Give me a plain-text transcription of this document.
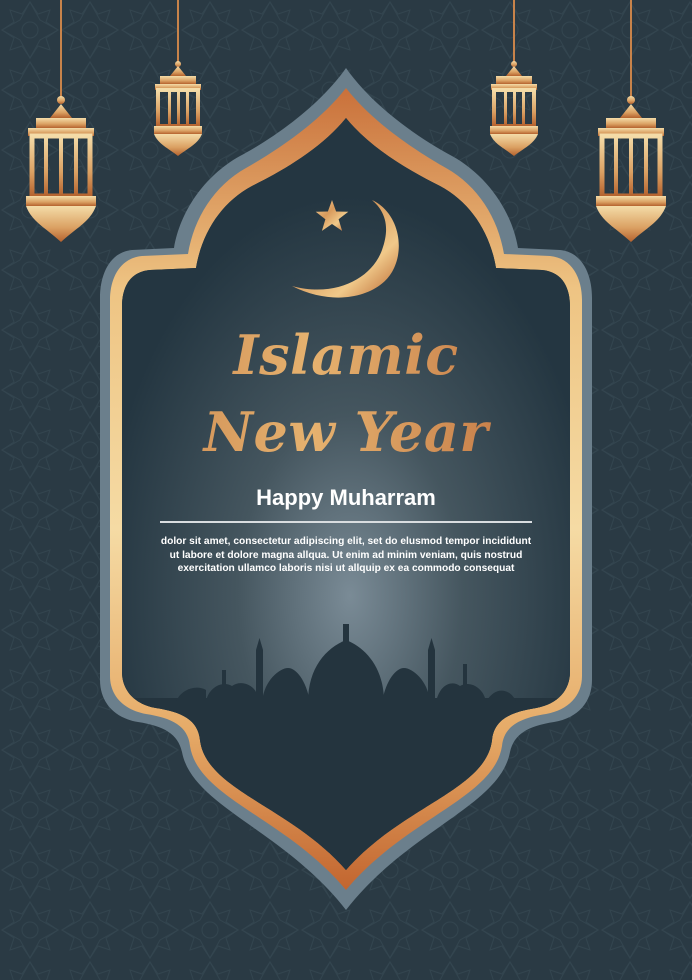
Islamic

New Year

Happy Muharram

dolor sit amet, consectetur adipiscing elit, set do elusmod tempor incididunt
ut labore et dolore magna allqua. Ut enim ad minim veniam, quis nostrud
exercitation ullamco laboris nisi ut allquip ex ea commodo consequat
